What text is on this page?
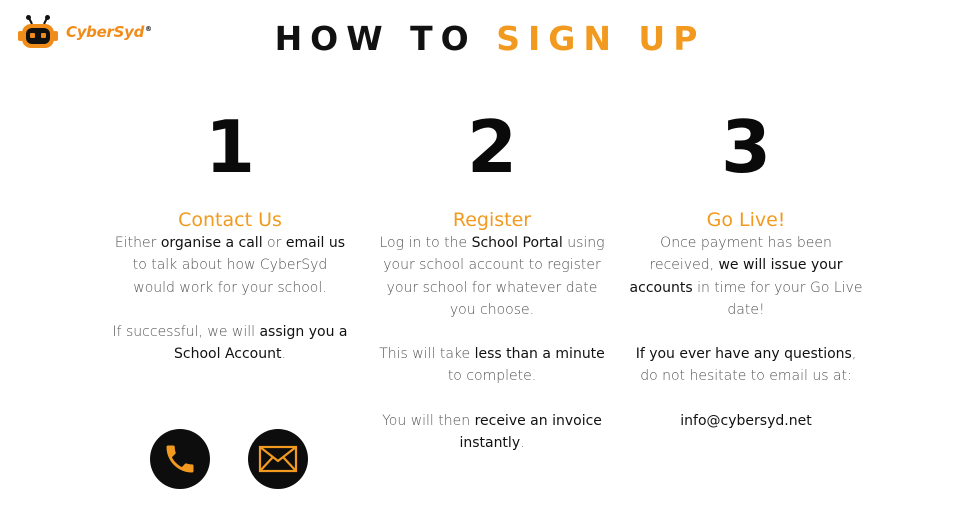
CyberSyd®	HOW TO SIGN UP
1
Contact Us

Either organise a call or email us to talk about how CyberSyd would work for your school.

If successful, we will assign you a School Account.

2
Register

Log in to the School Portal using your school account to register your school for whatever date you choose.

This will take less than a minute to complete.

You will then receive an invoice instantly.

3
Go Live!

Once payment has been received, we will issue your accounts in time for your Go Live date!

If you ever have any questions, do not hesitate to email us at:

info@cybersyd.net
